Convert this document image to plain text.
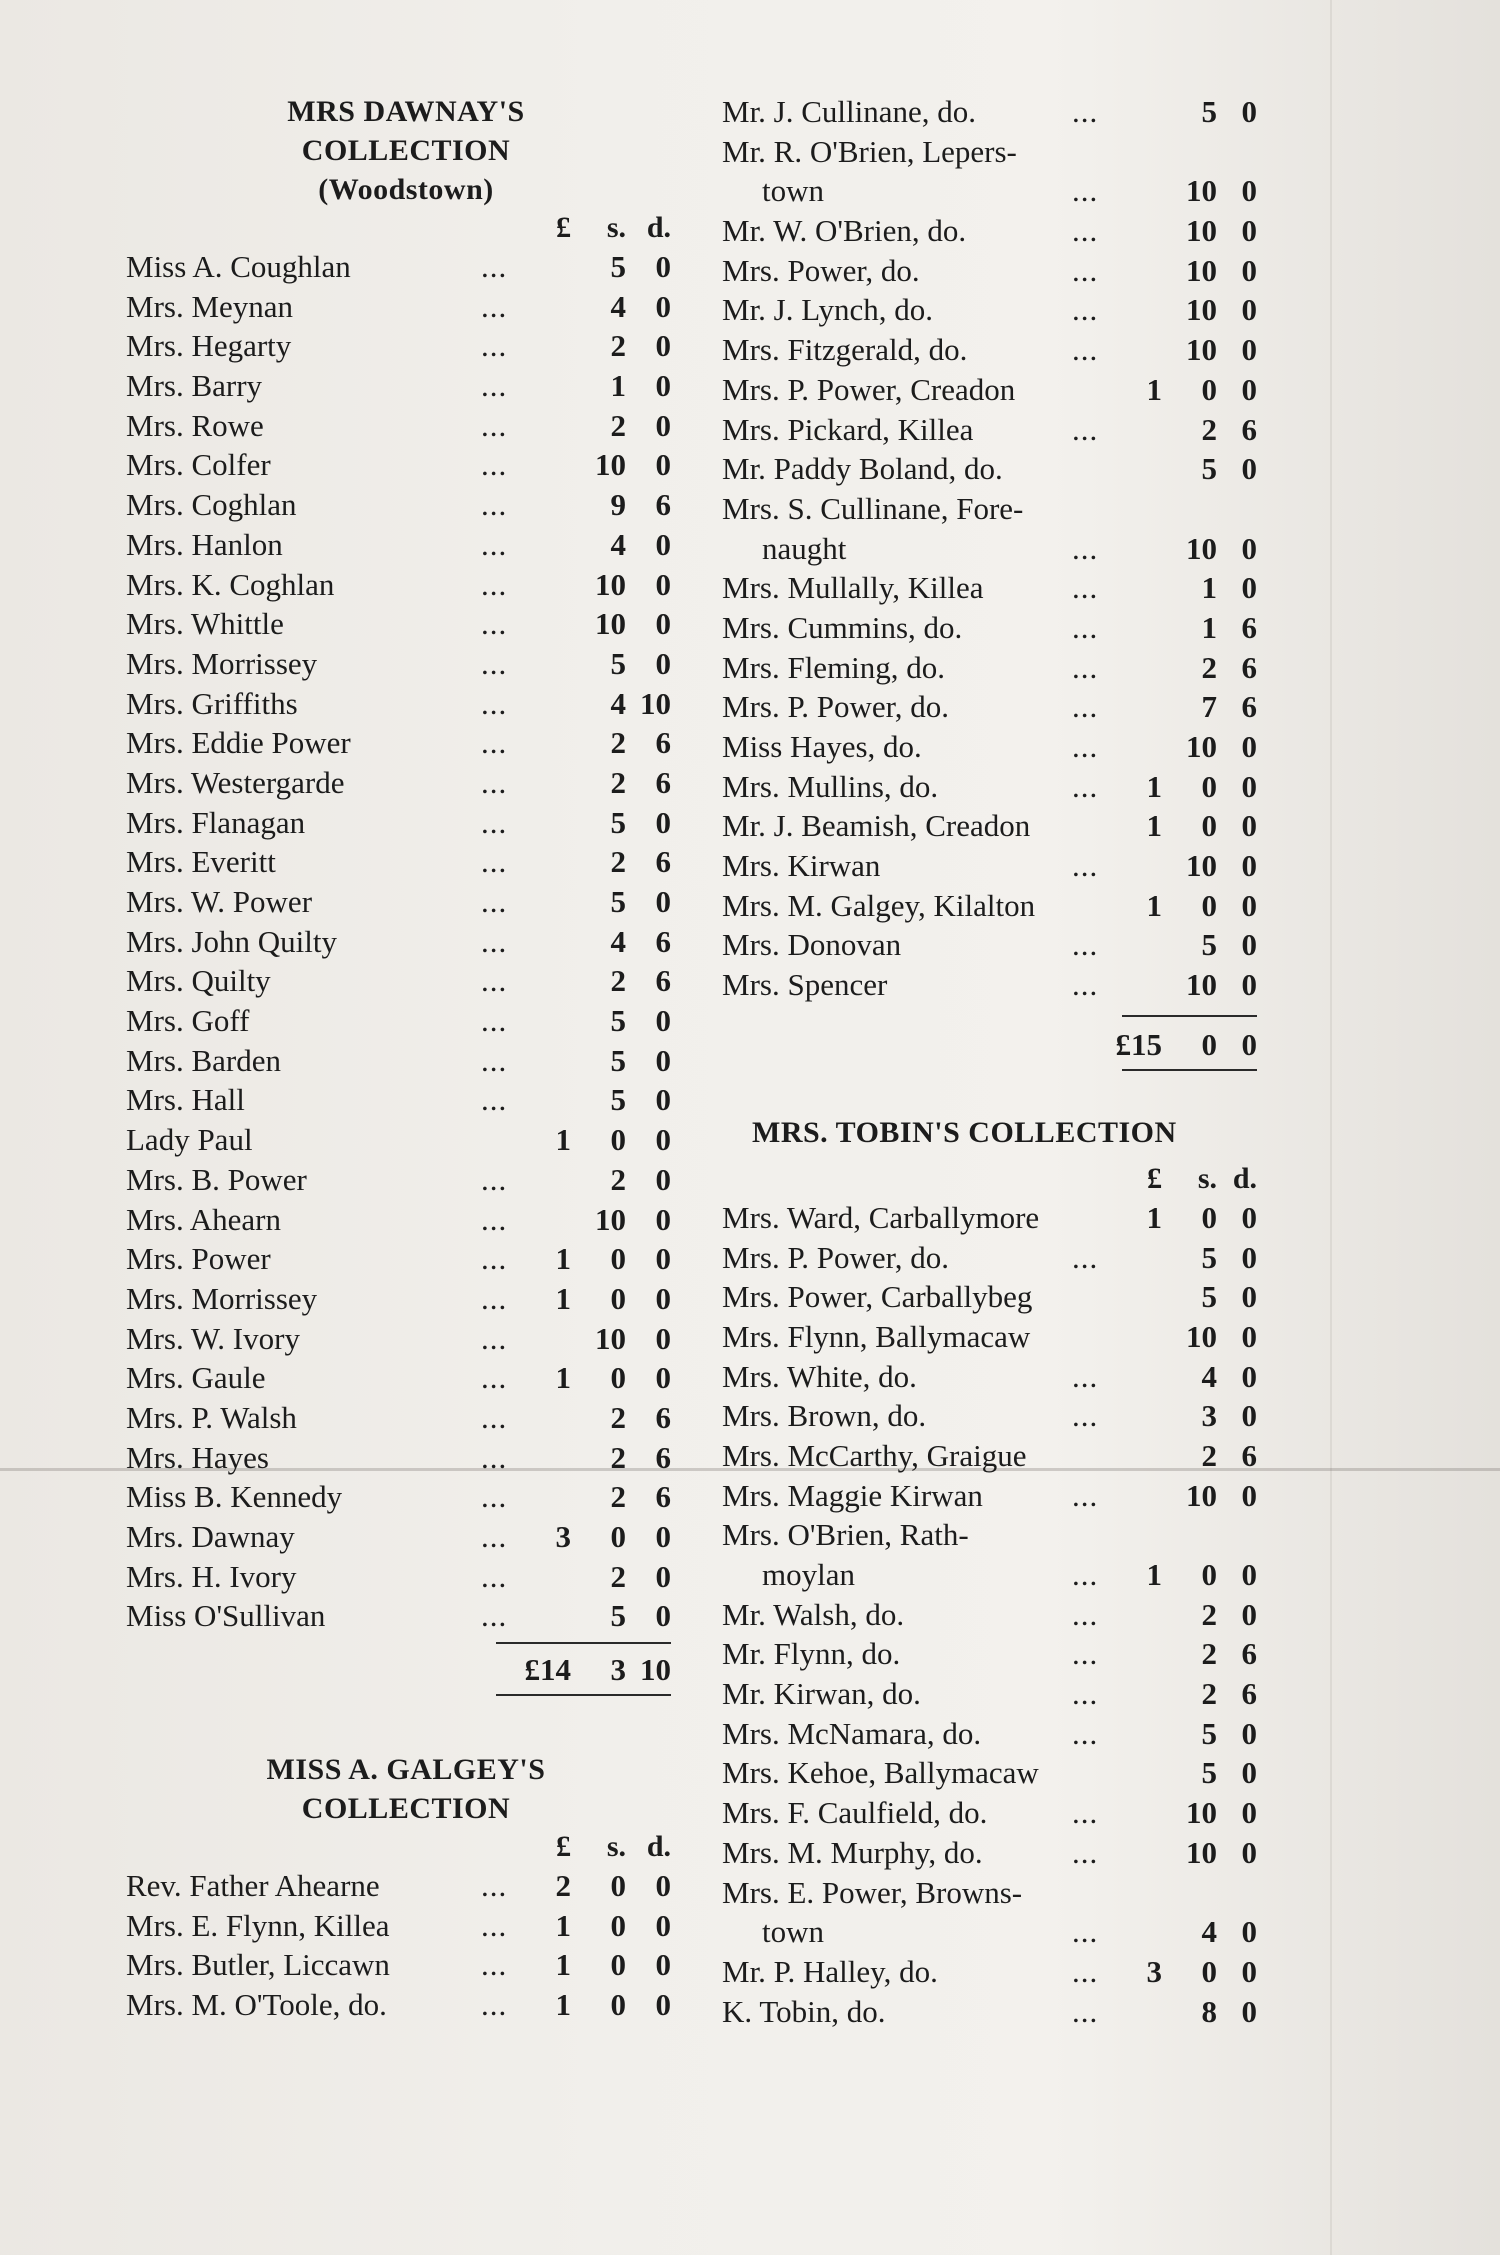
MRS DAWNAY'S
COLLECTION
(Woodstown)
£	s. d.
Miss A. Coughlan	...	5 0
Mrs. Meynan	...	4 0
Mrs. Hegarty	...	2 0
Mrs. Barry	...	1 0
Mrs. Rowe	...	2 0
Mrs. Colfer	...	10 0
Mrs. Coghlan	...	9 6
Mrs. Hanlon	...	4 0
Mrs. K. Coghlan	...	10 0
Mrs. Whittle	...	10 0
Mrs. Morrissey	...	5 0
Mrs. Griffiths	...	4 10
Mrs. Eddie Power	...	2 6
Mrs. Westergarde	...	2 6
Mrs. Flanagan	...	5 0
Mrs. Everitt	...	2 6
Mrs. W. Power	...	5 0
Mrs. John Quilty	...	4 6
Mrs. Quilty	...	2 6
Mrs. Goff	...	5 0
Mrs. Barden	...	5 0
Mrs. Hall	...	5 0
Lady Paul	1	0 0
Mrs. B. Power	...	2 0
Mrs. Ahearn	...	10 0
Mrs. Power	...	1	0 0
Mrs. Morrissey	...	1	0 0
Mrs. W. Ivory	...	10 0
Mrs. Gaule	...	1	0 0
Mrs. P. Walsh	...	2 6
Mrs. Hayes	...	2 6
Miss B. Kennedy	...	2 6
Mrs. Dawnay	...	3	0 0
Mrs. H. Ivory	...	2 0
Miss O'Sullivan	...	5 0
£14	3 10
MISS A. GALGEY'S
COLLECTION
£	s. d.
Rev. Father Ahearne	...	2	0 0
Mrs. E. Flynn, Killea	...	1	0 0
Mrs. Butler, Liccawn	...	1	0 0
Mrs. M. O'Toole, do.	...	1	0 0
Mr. J. Cullinane, do.	...	5 0
Mr. R. O'Brien, Lepers-
town	...	10 0
Mr. W. O'Brien, do.	...	10 0
Mrs. Power, do.	...	10 0
Mr. J. Lynch, do.	...	10 0
Mrs. Fitzgerald, do.	...	10 0
Mrs. P. Power, Creadon	1	0 0
Mrs. Pickard, Killea	...	2 6
Mr. Paddy Boland, do.	5 0
Mrs. S. Cullinane, Fore-
naught	...	10 0
Mrs. Mullally, Killea	...	1 0
Mrs. Cummins, do.	...	1 6
Mrs. Fleming, do.	...	2 6
Mrs. P. Power, do.	...	7 6
Miss Hayes, do.	...	10 0
Mrs. Mullins, do.	...	1	0 0
Mr. J. Beamish, Creadon	1	0 0
Mrs. Kirwan	...	10 0
Mrs. M. Galgey, Kilalton	1	0 0
Mrs. Donovan	...	5 0
Mrs. Spencer	...	10 0
£15	0 0
MRS. TOBIN'S COLLECTION
£	s. d.
Mrs. Ward, Carballymore	1	0 0
Mrs. P. Power, do.	...	5 0
Mrs. Power, Carballybeg	5 0
Mrs. Flynn, Ballymacaw	10 0
Mrs. White, do.	...	4 0
Mrs. Brown, do.	...	3 0
Mrs. McCarthy, Graigue	2 6
Mrs. Maggie Kirwan	...	10 0
Mrs. O'Brien, Rath-
moylan	...	1	0 0
Mr. Walsh, do.	...	2 0
Mr. Flynn, do.	...	2 6
Mr. Kirwan, do.	...	2 6
Mrs. McNamara, do.	...	5 0
Mrs. Kehoe, Ballymacaw	5 0
Mrs. F. Caulfield, do.	...	10 0
Mrs. M. Murphy, do.	...	10 0
Mrs. E. Power, Browns-
town	...	4 0
Mr. P. Halley, do.	...	3	0 0
K. Tobin, do.	...	8 0
